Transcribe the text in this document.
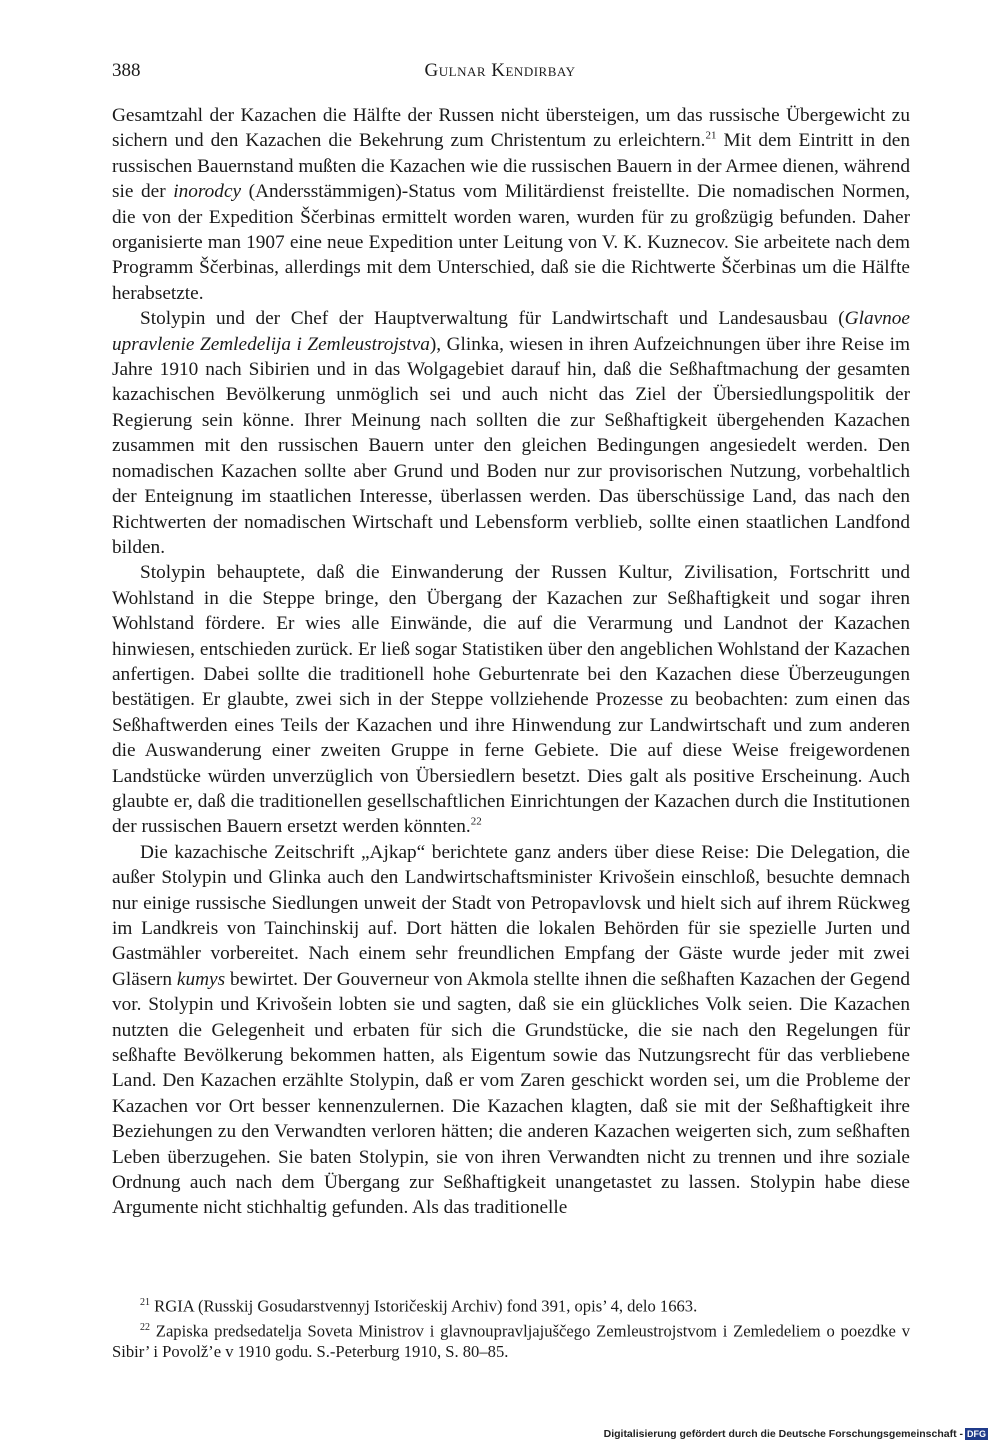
388	Gulnar Kendirbay

Gesamtzahl der Kazachen die Hälfte der Russen nicht übersteigen, um das russische Übergewicht zu sichern und den Kazachen die Bekehrung zum Christentum zu erleichtern.$^{21}$ Mit dem Eintritt in den russischen Bauernstand mußten die Kazachen wie die russischen Bauern in der Armee dienen, während sie der inorodcy (Andersstämmigen)-Status vom Militärdienst freistellte. Die nomadischen Normen, die von der Expedition Ščerbinas ermittelt worden waren, wurden für zu großzügig befunden. Daher organisierte man 1907 eine neue Expedition unter Leitung von V. K. Kuznecov. Sie arbeitete nach dem Programm Ščerbinas, allerdings mit dem Unterschied, daß sie die Richtwerte Ščerbinas um die Hälfte herabsetzte.

Stolypin und der Chef der Hauptverwaltung für Landwirtschaft und Landesausbau (Glavnoe upravlenie Zemledelija i Zemleustrojstva), Glinka, wiesen in ihren Aufzeichnungen über ihre Reise im Jahre 1910 nach Sibirien und in das Wolgagebiet darauf hin, daß die Seßhaftmachung der gesamten kazachischen Bevölkerung unmöglich sei und auch nicht das Ziel der Übersiedlungspolitik der Regierung sein könne. Ihrer Meinung nach sollten die zur Seßhaftigkeit übergehenden Kazachen zusammen mit den russischen Bauern unter den gleichen Bedingungen angesiedelt werden. Den nomadischen Kazachen sollte aber Grund und Boden nur zur provisorischen Nutzung, vorbehaltlich der Enteignung im staatlichen Interesse, überlassen werden. Das überschüssige Land, das nach den Richtwerten der nomadischen Wirtschaft und Lebensform verblieb, sollte einen staatlichen Landfond bilden.

Stolypin behauptete, daß die Einwanderung der Russen Kultur, Zivilisation, Fortschritt und Wohlstand in die Steppe bringe, den Übergang der Kazachen zur Seßhaftigkeit und sogar ihren Wohlstand fördere. Er wies alle Einwände, die auf die Verarmung und Landnot der Kazachen hinwiesen, entschieden zurück. Er ließ sogar Statistiken über den angeblichen Wohlstand der Kazachen anfertigen. Dabei sollte die traditionell hohe Geburtenrate bei den Kazachen diese Überzeugungen bestätigen. Er glaubte, zwei sich in der Steppe vollziehende Prozesse zu beobachten: zum einen das Seßhaftwerden eines Teils der Kazachen und ihre Hinwendung zur Landwirtschaft und zum anderen die Auswanderung einer zweiten Gruppe in ferne Gebiete. Die auf diese Weise freigewordenen Landstücke würden unverzüglich von Übersiedlern besetzt. Dies galt als positive Erscheinung. Auch glaubte er, daß die traditionellen gesellschaftlichen Einrichtungen der Kazachen durch die Institutionen der russischen Bauern ersetzt werden könnten.$^{22}$

Die kazachische Zeitschrift „Ajkap“ berichtete ganz anders über diese Reise: Die Delegation, die außer Stolypin und Glinka auch den Landwirtschaftsminister Krivošein einschloß, besuchte demnach nur einige russische Siedlungen unweit der Stadt von Petropavlovsk und hielt sich auf ihrem Rückweg im Landkreis von Tainchinskij auf. Dort hätten die lokalen Behörden für sie spezielle Jurten und Gastmähler vorbereitet. Nach einem sehr freundlichen Empfang der Gäste wurde jeder mit zwei Gläsern kumys bewirtet. Der Gouverneur von Akmola stellte ihnen die seßhaften Kazachen der Gegend vor. Stolypin und Krivošein lobten sie und sagten, daß sie ein glückliches Volk seien. Die Kazachen nutzten die Gelegenheit und erbaten für sich die Grundstücke, die sie nach den Regelungen für seßhafte Bevölkerung bekommen hatten, als Eigentum sowie das Nutzungsrecht für das verbliebene Land. Den Kazachen erzählte Stolypin, daß er vom Zaren geschickt worden sei, um die Probleme der Kazachen vor Ort besser kennenzulernen. Die Kazachen klagten, daß sie mit der Seßhaftigkeit ihre Beziehungen zu den Verwandten verloren hätten; die anderen Kazachen weigerten sich, zum seßhaften Leben überzugehen. Sie baten Stolypin, sie von ihren Verwandten nicht zu trennen und ihre soziale Ordnung auch nach dem Übergang zur Seßhaftigkeit unangetastet zu lassen. Stolypin habe diese Argumente nicht stichhaltig gefunden. Als das traditionelle

$^{21}$ RGIA (Russkij Gosudarstvennyj Istoričeskij Archiv) fond 391, opis’ 4, delo 1663.

$^{22}$ Zapiska predsedatelja Soveta Ministrov i glavnoupravljajuščego Zemleustrojstvom i Zemledeliem o poezdke v Sibir’ i Povolž’e v 1910 godu. S.-Peterburg 1910, S. 80–85.

Digitalisierung gefördert durch die Deutsche Forschungsgemeinschaft - DFG
